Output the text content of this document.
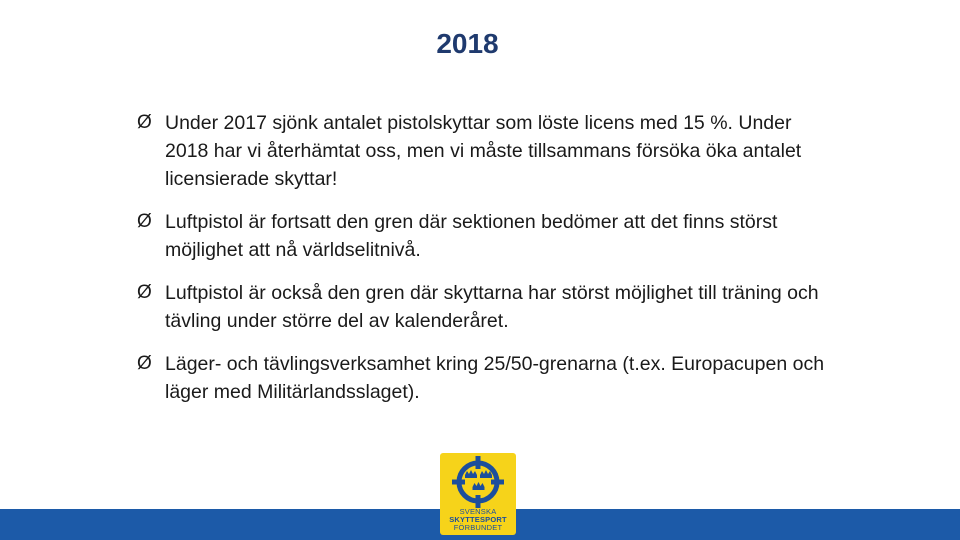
2018
Ø Under 2017 sjönk antalet pistolskyttar som löste licens med 15 %. Under 2018 har vi återhämtat oss, men vi måste tillsammans försöka öka antalet licensierade skyttar!
Ø Luftpistol är fortsatt den gren där sektionen bedömer att det finns störst möjlighet att nå världselitnivå.
Ø Luftpistol är också den gren där skyttarna har störst möjlighet till träning och tävling under större del av kalenderåret.
Ø Läger- och tävlingsverksamhet kring 25/50-grenarna (t.ex. Europacupen och läger med Militärlandsslaget).
SVENSKA
SKYTTESPORT
FÖRBUNDET
